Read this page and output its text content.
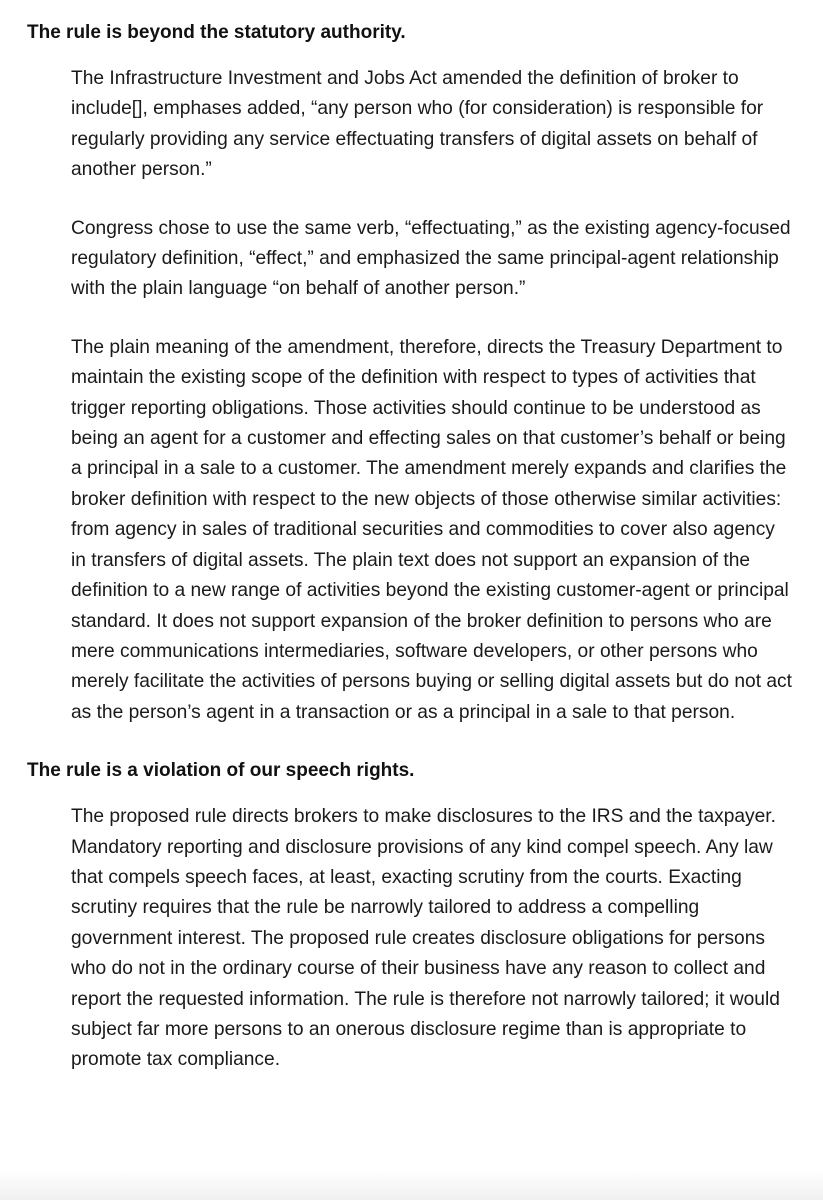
The rule is beyond the statutory authority.

The Infrastructure Investment and Jobs Act amended the definition of broker to include[], emphases added, “any person who (for consideration) is responsible for regularly providing any service effectuating transfers of digital assets on behalf of another person.”

Congress chose to use the same verb, “effectuating,” as the existing agency-focused regulatory definition, “effect,” and emphasized the same principal-agent relationship with the plain language “on behalf of another person.”

The plain meaning of the amendment, therefore, directs the Treasury Department to maintain the existing scope of the definition with respect to types of activities that trigger reporting obligations. Those activities should continue to be understood as being an agent for a customer and effecting sales on that customer’s behalf or being a principal in a sale to a customer. The amendment merely expands and clarifies the broker definition with respect to the new objects of those otherwise similar activities: from agency in sales of traditional securities and commodities to cover also agency in transfers of digital assets. The plain text does not support an expansion of the definition to a new range of activities beyond the existing customer-agent or principal standard. It does not support expansion of the broker definition to persons who are mere communications intermediaries, software developers, or other persons who merely facilitate the activities of persons buying or selling digital assets but do not act as the person’s agent in a transaction or as a principal in a sale to that person.

The rule is a violation of our speech rights.

The proposed rule directs brokers to make disclosures to the IRS and the taxpayer. Mandatory reporting and disclosure provisions of any kind compel speech. Any law that compels speech faces, at least, exacting scrutiny from the courts. Exacting scrutiny requires that the rule be narrowly tailored to address a compelling government interest. The proposed rule creates disclosure obligations for persons who do not in the ordinary course of their business have any reason to collect and report the requested information. The rule is therefore not narrowly tailored; it would subject far more persons to an onerous disclosure regime than is appropriate to promote tax compliance.
